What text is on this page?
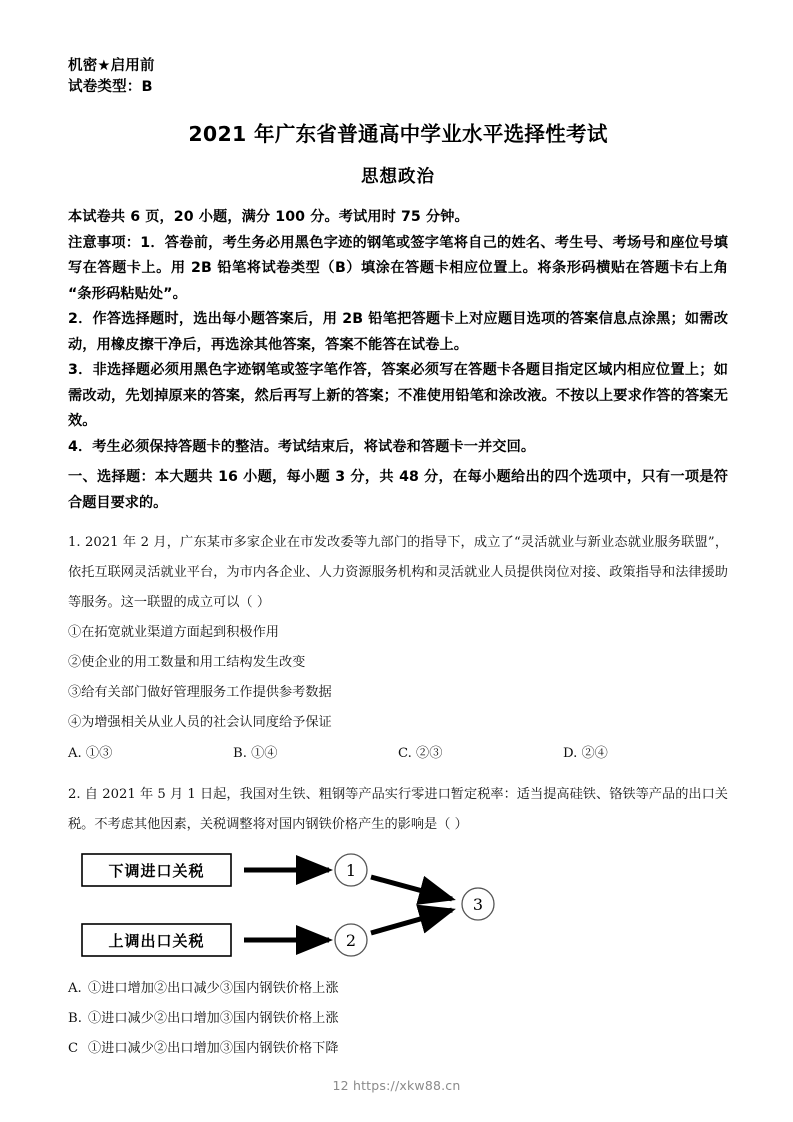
机密★启用前
试卷类型：B
2021 年广东省普通高中学业水平选择性考试
思想政治

本试卷共 6 页，20 小题，满分 100 分。考试用时 75 分钟。

注意事项：1．答卷前，考生务必用黑色字迹的钢笔或签字笔将自己的姓名、考生号、考场号和座位号填写在答题卡上。用 2B 铅笔将试卷类型（B）填涂在答题卡相应位置上。将条形码横贴在答题卡右上角“条形码粘贴处”。

2．作答选择题时，选出每小题答案后，用 2B 铅笔把答题卡上对应题目选项的答案信息点涂黑；如需改动，用橡皮擦干净后，再选涂其他答案，答案不能答在试卷上。

3．非选择题必须用黑色字迹钢笔或签字笔作答，答案必须写在答题卡各题目指定区域内相应位置上；如需改动，先划掉原来的答案，然后再写上新的答案；不准使用铅笔和涂改液。不按以上要求作答的答案无效。

4．考生必须保持答题卡的整洁。考试结束后，将试卷和答题卡一并交回。

一、选择题：本大题共 16 小题，每小题 3 分，共 48 分，在每小题给出的四个选项中，只有一项是符合题目要求的。

1. 2021 年 2 月，广东某市多家企业在市发改委等九部门的指导下，成立了“灵活就业与新业态就业服务联盟”，依托互联网灵活就业平台，为市内各企业、人力资源服务机构和灵活就业人员提供岗位对接、政策指导和法律援助等服务。这一联盟的成立可以（ ）

①在拓宽就业渠道方面起到积极作用

②使企业的用工数量和用工结构发生改变

③给有关部门做好管理服务工作提供参考数据

④为增强相关从业人员的社会认同度给予保证

A. ①③	B. ①④	C. ②③	D. ②④

2. 自 2021 年 5 月 1 日起，我国对生铁、粗钢等产品实行零进口暂定税率：适当提高硅铁、铬铁等产品的出口关税。不考虑其他因素，关税调整将对国内钢铁价格产生的影响是（ ）

下调进口关税
上调出口关税
1
2
3

A. ①进口增加②出口减少③国内钢铁价格上涨

B. ①进口减少②出口增加③国内钢铁价格上涨

C ①进口减少②出口增加③国内钢铁价格下降

12 https://xkw88.cn
